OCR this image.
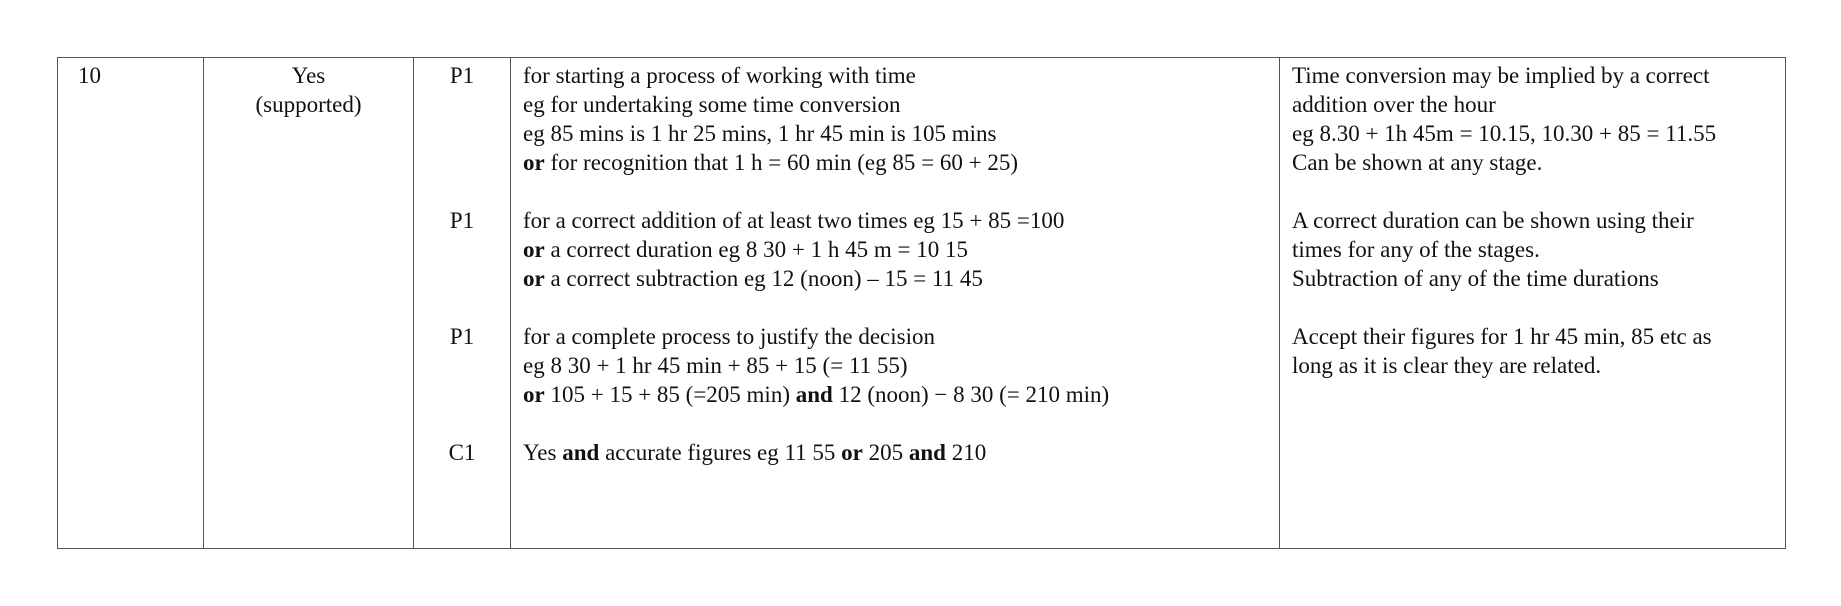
10	Yes
(supported)
P1
P1
P1
C1
for starting a process of working with time
eg for undertaking some time conversion
eg 85 mins is 1 hr 25 mins, 1 hr 45 min is 105 mins
or for recognition that 1 h = 60 min (eg 85 = 60 + 25)
for a correct addition of at least two times eg 15 + 85 =100
or a correct duration eg 8 30 + 1 h 45 m = 10 15
or a correct subtraction eg 12 (noon) – 15 = 11 45
for a complete process to justify the decision
eg 8 30 + 1 hr 45 min + 85 + 15 (= 11 55)
or 105 + 15 + 85 (=205 min) and 12 (noon) − 8 30 (= 210 min)
Yes and accurate figures eg 11 55 or 205 and 210
Time conversion may be implied by a correct
addition over the hour
eg 8.30 + 1h 45m = 10.15, 10.30 + 85 = 11.55
Can be shown at any stage.
A correct duration can be shown using their
times for any of the stages.
Subtraction of any of the time durations
Accept their figures for 1 hr 45 min, 85 etc as
long as it is clear they are related.
